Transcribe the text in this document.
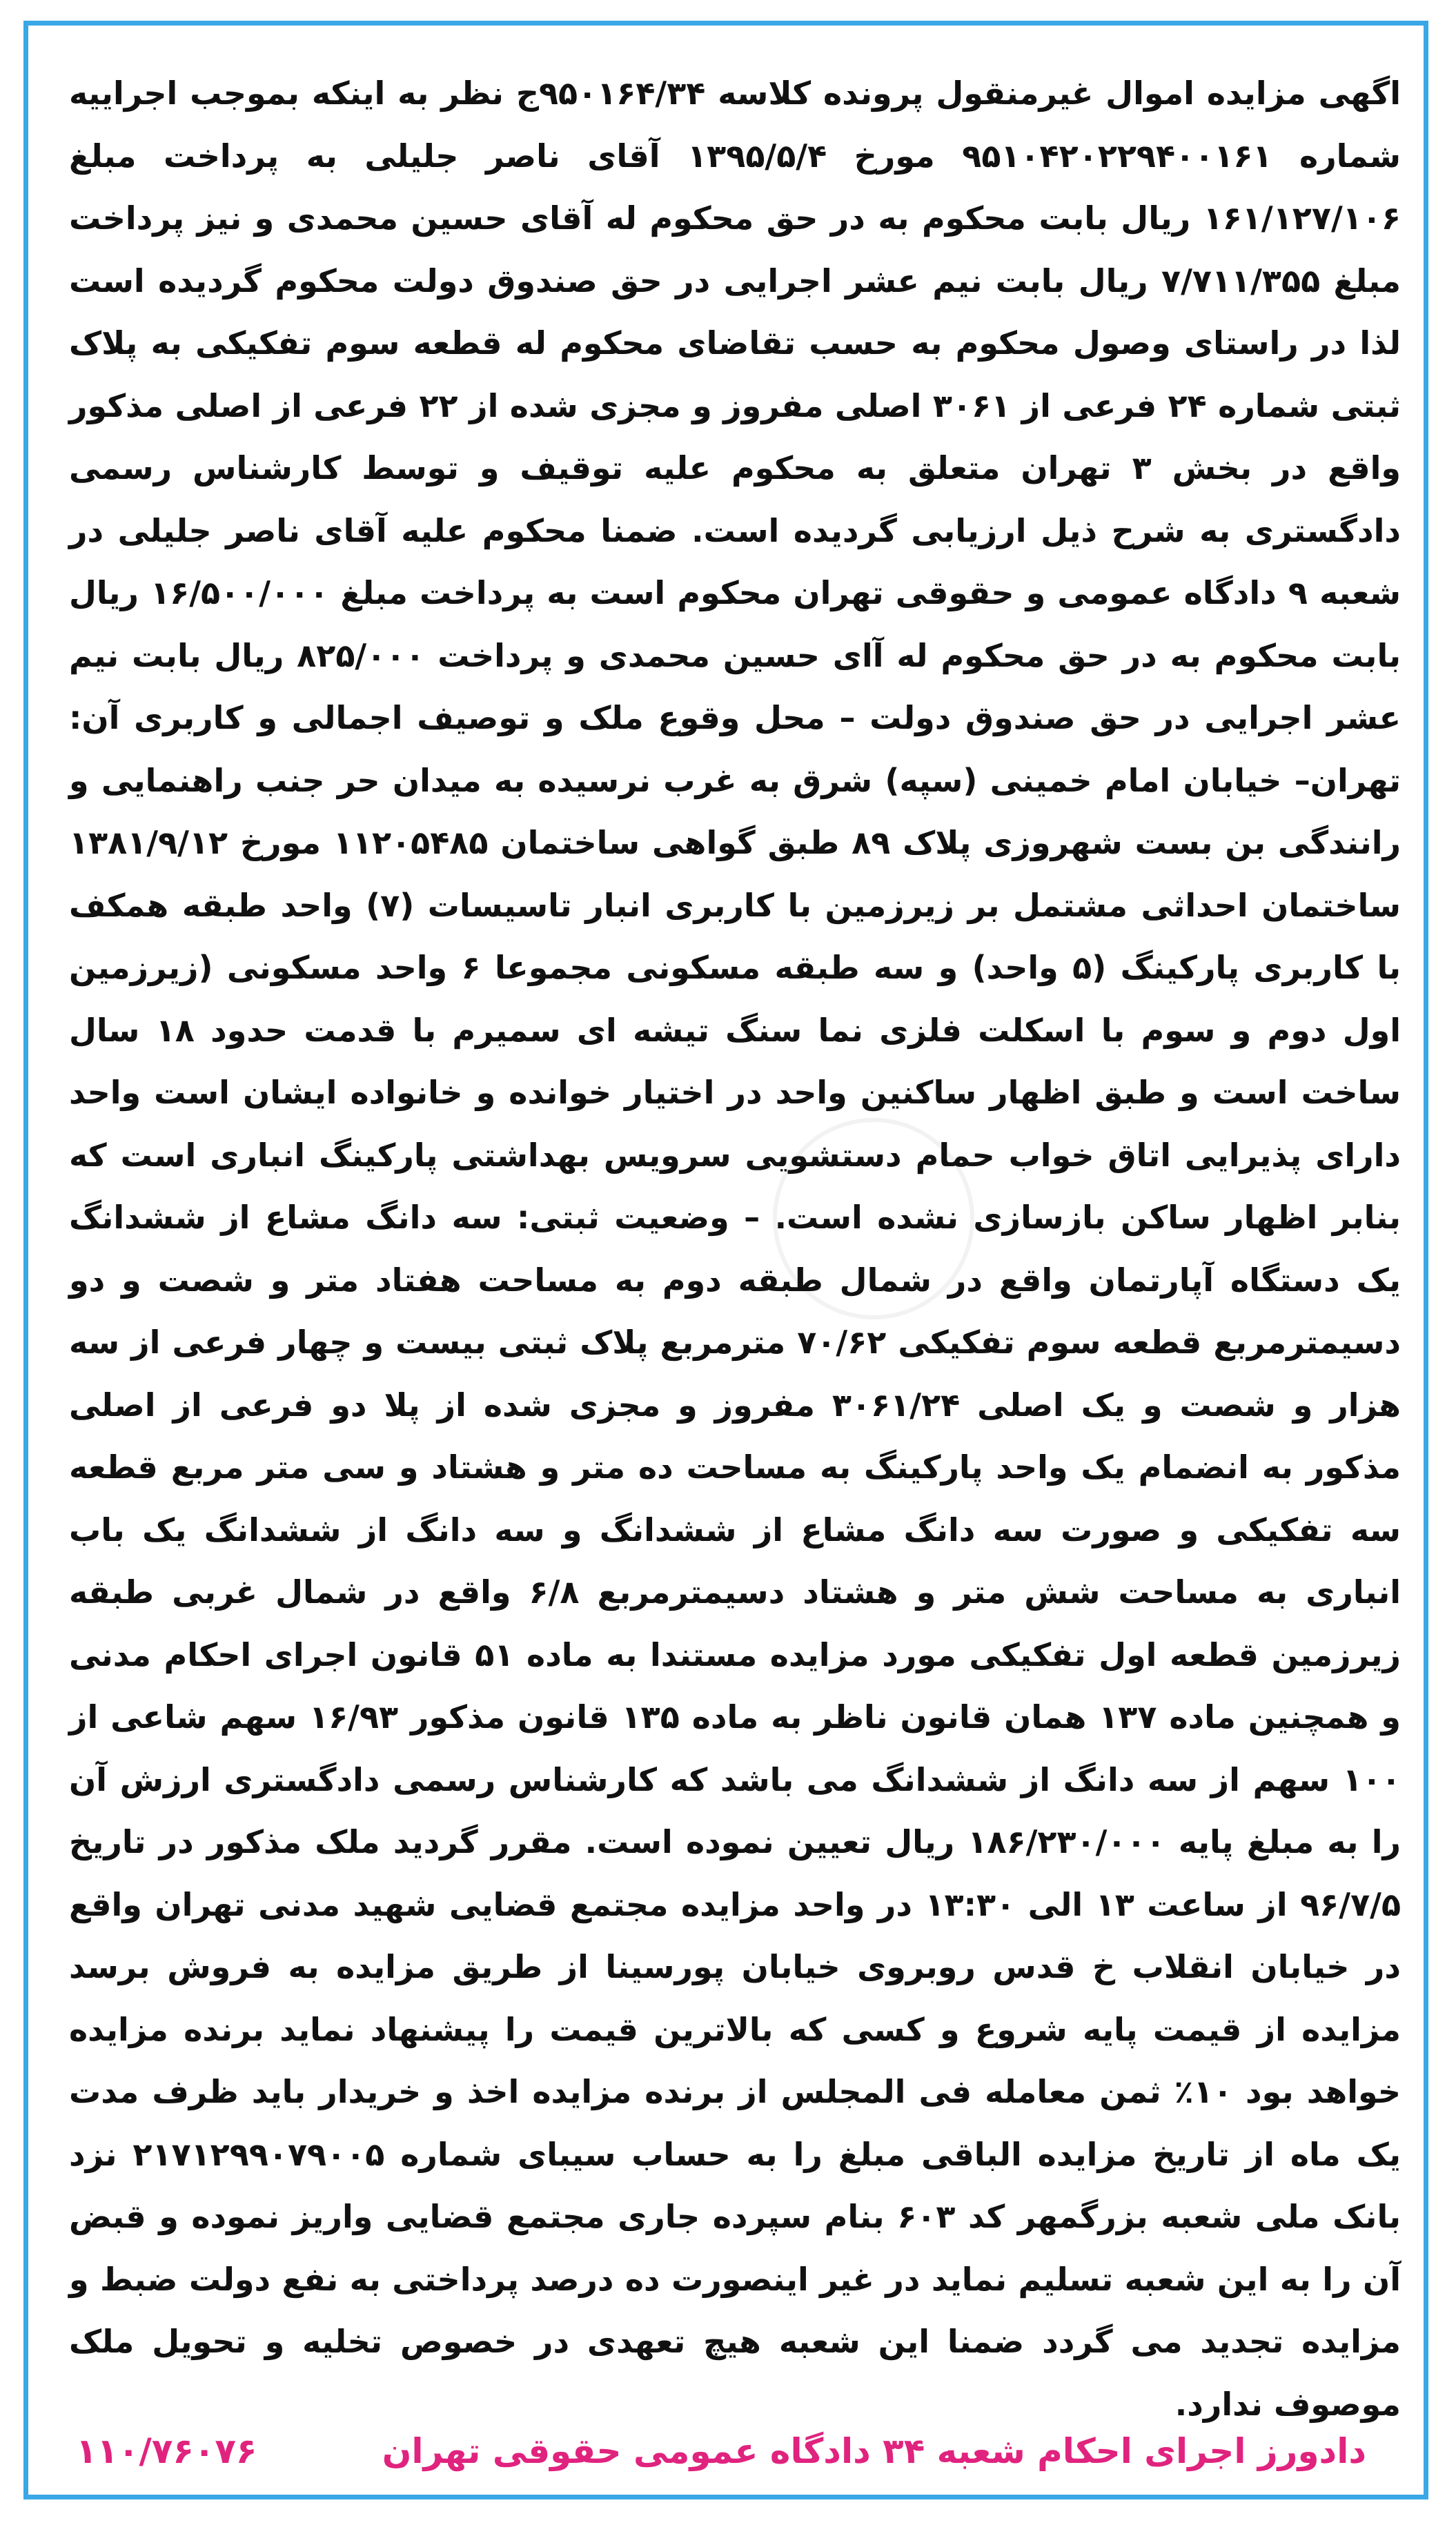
اگهی مزایده اموال غیرمنقول پرونده کلاسه ۹۵۰۱۶۴/۳۴ج نظر به اینکه بموجب اجراییه شماره ۹۵۱۰۴۲۰۲۲۹۴۰۰۱۶۱ مورخ ۱۳۹۵/۵/۴ آقای ناصر جلیلی به پرداخت مبلغ ۱۶۱/۱۲۷/۱۰۶ ریال بابت محکوم به در حق محکوم له آقای حسین محمدی و نیز پرداخت مبلغ ۷/۷۱۱/۳۵۵ ریال بابت نیم عشر اجرایی در حق صندوق دولت محکوم گردیده است لذا در راستای وصول محکوم به حسب تقاضای محکوم له قطعه سوم تفکیکی به پلاک ثبتی شماره ۲۴ فرعی از ۳۰۶۱ اصلی مفروز و مجزی شده از ۲۲ فرعی از اصلی مذکور واقع در بخش ۳ تهران متعلق به محکوم علیه توقیف و توسط کارشناس رسمی دادگستری به شرح ذیل ارزیابی گردیده است. ضمنا محکوم علیه آقای ناصر جلیلی در شعبه ۹ دادگاه عمومی و حقوقی تهران محکوم است به پرداخت مبلغ ۱۶/۵۰۰/۰۰۰ ریال بابت محکوم به در حق محکوم له آای حسین محمدی و پرداخت ۸۲۵/۰۰۰ ریال بابت نیم عشر اجرایی در حق صندوق دولت – محل وقوع ملک و توصیف اجمالی و کاربری آن: تهران– خیابان امام خمینی (سپه) شرق به غرب نرسیده به میدان حر جنب راهنمایی و رانندگی بن بست شهروزی پلاک ۸۹ طبق گواهی ساختمان ۱۱۲۰۵۴۸۵ مورخ ۱۳۸۱/۹/۱۲ ساختمان احداثی مشتمل بر زیرزمین با کاربری انبار تاسیسات (۷) واحد طبقه همکف با کاربری پارکینگ (۵ واحد) و سه طبقه مسکونی مجموعا ۶ واحد مسکونی (زیرزمین اول دوم و سوم با اسکلت فلزی نما سنگ تیشه ای سمیرم با قدمت حدود ۱۸ سال ساخت است و طبق اظهار ساکنین واحد در اختیار خوانده و خانواده ایشان است واحد دارای پذیرایی اتاق خواب حمام دستشویی سرویس بهداشتی پارکینگ انباری است که بنابر اظهار ساکن بازسازی نشده است. – وضعیت ثبتی: سه دانگ مشاع از ششدانگ یک دستگاه آپارتمان واقع در شمال طبقه دوم به مساحت هفتاد متر و شصت و دو دسیمترمربع قطعه سوم تفکیکی ۷۰/۶۲ مترمربع پلاک ثبتی بیست و چهار فرعی از سه هزار و شصت و یک اصلی ۳۰۶۱/۲۴ مفروز و مجزی شده از پلا دو فرعی از اصلی مذکور به انضمام یک واحد پارکینگ به مساحت ده متر و هشتاد و سی متر مربع قطعه سه تفکیکی و صورت سه دانگ مشاع از ششدانگ و سه دانگ از ششدانگ یک باب انباری به مساحت شش متر و هشتاد دسیمترمربع ۶/۸ واقع در شمال غربی طبقه زیرزمین قطعه اول تفکیکی مورد مزایده مستندا به ماده ۵۱ قانون اجرای احکام مدنی و همچنین ماده ۱۳۷ همان قانون ناظر به ماده ۱۳۵ قانون مذکور ۱۶/۹۳ سهم شاعی از ۱۰۰ سهم از سه دانگ از ششدانگ می باشد که کارشناس رسمی دادگستری ارزش آن را به مبلغ پایه ۱۸۶/۲۳۰/۰۰۰ ریال تعیین نموده است. مقرر گردید ملک مذکور در تاریخ ۹۶/۷/۵ از ساعت ۱۳ الی ۱۳:۳۰ در واحد مزایده مجتمع قضایی شهید مدنی تهران واقع در خیابان انقلاب خ قدس روبروی خیابان پورسینا از طریق مزایده به فروش برسد مزایده از قیمت پایه شروع و کسی که بالاترین قیمت را پیشنهاد نماید برنده مزایده خواهد بود ۱۰٪ ثمن معامله فی المجلس از برنده مزایده اخذ و خریدار باید ظرف مدت یک ماه از تاریخ مزایده الباقی مبلغ را به حساب سیبای شماره ۲۱۷۱۲۹۹۰۷۹۰۰۵ نزد بانک ملی شعبه بزرگمهر کد ۶۰۳ بنام سپرده جاری مجتمع قضایی واریز نموده و قبض آن را به این شعبه تسلیم نماید در غیر اینصورت ده درصد پرداختی به نفع دولت ضبط و مزایده تجدید می گردد ضمنا این شعبه هیچ تعهدی در خصوص تخلیه و تحویل ملک موصوف ندارد.

دادورز اجرای احکام شعبه ۳۴ دادگاه عمومی حقوقی تهران
۱۱۰/۷۶۰۷۶
